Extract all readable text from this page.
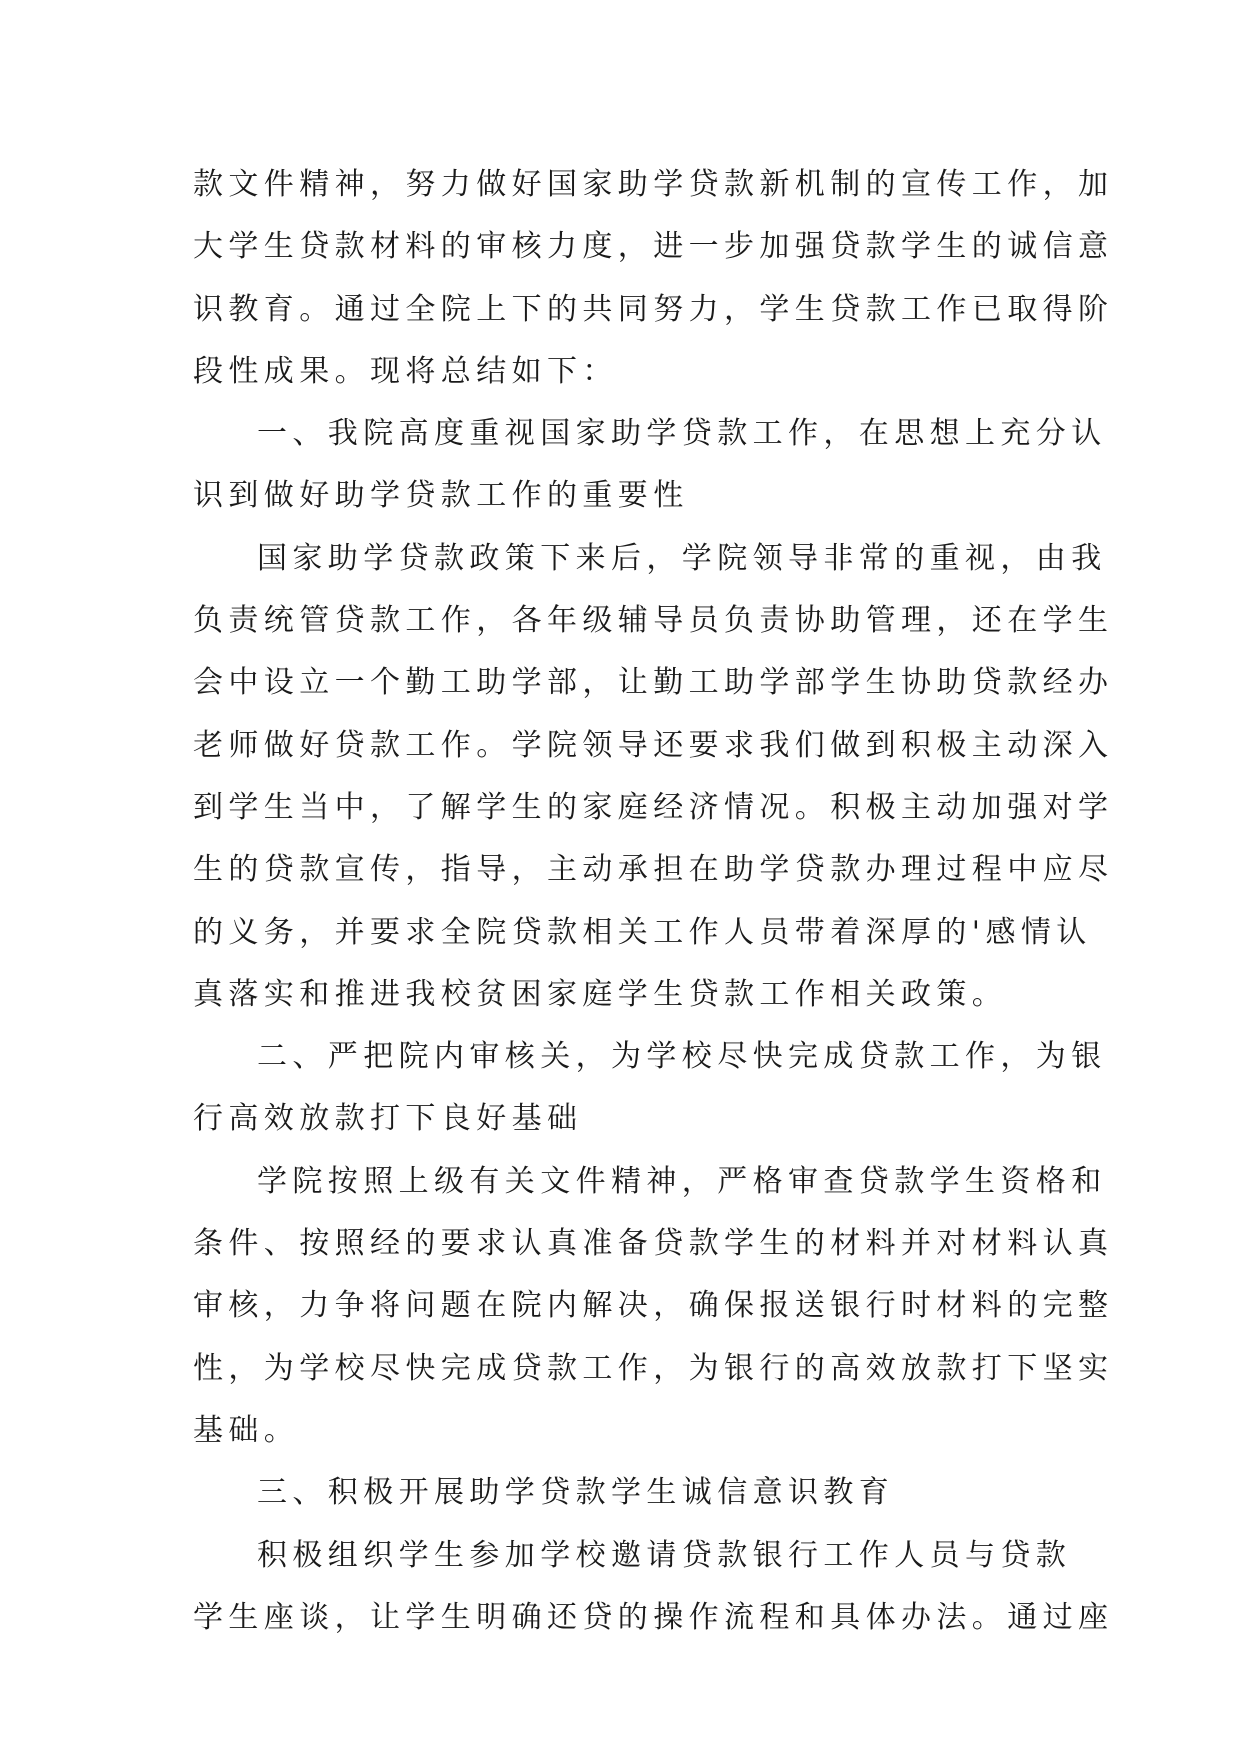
款文件精神，努力做好国家助学贷款新机制的宣传工作，加
大学生贷款材料的审核力度，进一步加强贷款学生的诚信意
识教育。通过全院上下的共同努力，学生贷款工作已取得阶
段性成果。现将总结如下：
一、我院高度重视国家助学贷款工作，在思想上充分认
识到做好助学贷款工作的重要性
国家助学贷款政策下来后，学院领导非常的重视，由我
负责统管贷款工作，各年级辅导员负责协助管理，还在学生
会中设立一个勤工助学部，让勤工助学部学生协助贷款经办
老师做好贷款工作。学院领导还要求我们做到积极主动深入
到学生当中，了解学生的家庭经济情况。积极主动加强对学
生的贷款宣传，指导，主动承担在助学贷款办理过程中应尽
的义务，并要求全院贷款相关工作人员带着深厚的'感情认
真落实和推进我校贫困家庭学生贷款工作相关政策。
二、严把院内审核关，为学校尽快完成贷款工作，为银
行高效放款打下良好基础
学院按照上级有关文件精神，严格审查贷款学生资格和
条件、按照经的要求认真准备贷款学生的材料并对材料认真
审核，力争将问题在院内解决，确保报送银行时材料的完整
性，为学校尽快完成贷款工作，为银行的高效放款打下坚实
基础。
三、积极开展助学贷款学生诚信意识教育
积极组织学生参加学校邀请贷款银行工作人员与贷款
学生座谈，让学生明确还贷的操作流程和具体办法。通过座
